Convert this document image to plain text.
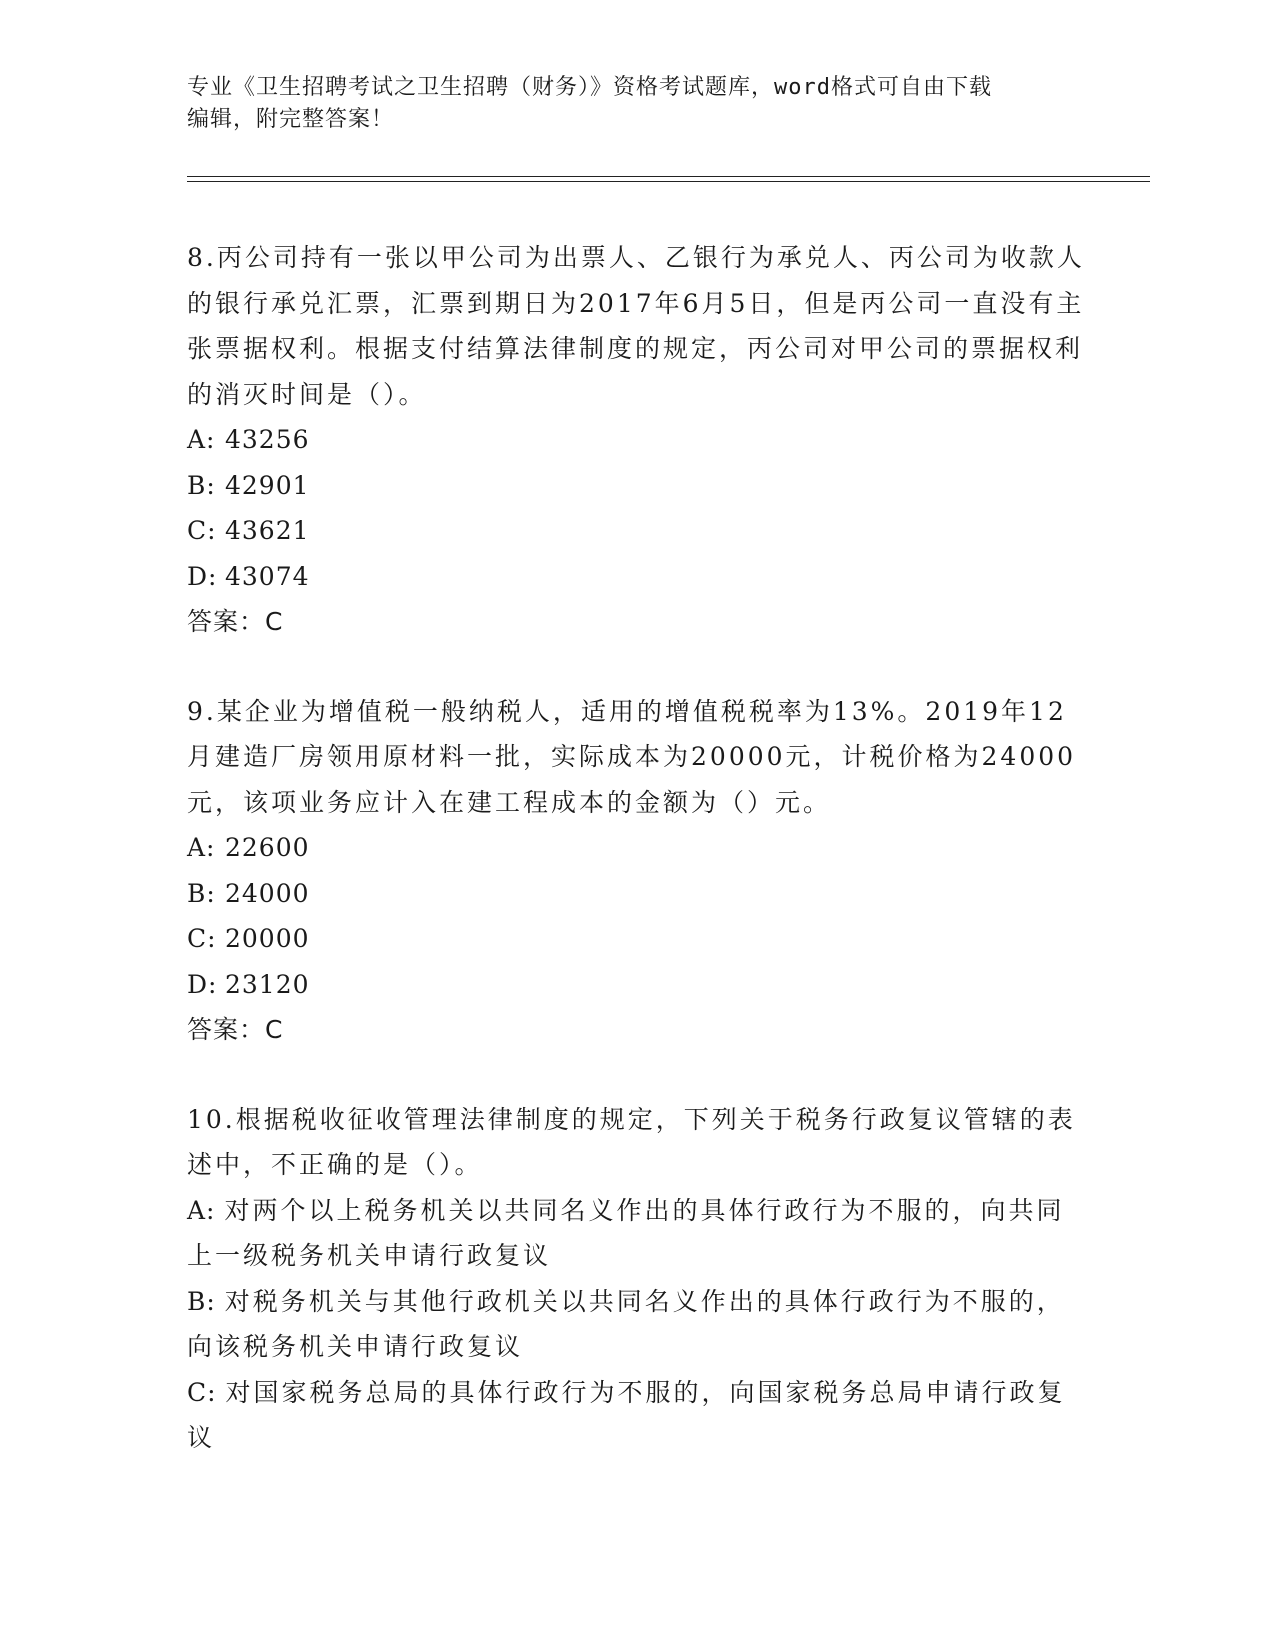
专业《卫生招聘考试之卫生招聘（财务）》资格考试题库，word格式可自由下载
编辑，附完整答案！

8.丙公司持有一张以甲公司为出票人、乙银行为承兑人、丙公司为收款人的银行承兑汇票，汇票到期日为2017年6月5日，但是丙公司一直没有主张票据权利。根据支付结算法律制度的规定，丙公司对甲公司的票据权利的消灭时间是（）。

A: 43256

B: 42901

C: 43621

D: 43074

答案：C

9.某企业为增值税一般纳税人，适用的增值税税率为13%。2019年12月建造厂房领用原材料一批，实际成本为20000元，计税价格为24000元，该项业务应计入在建工程成本的金额为（）元。

A: 22600

B: 24000

C: 20000

D: 23120

答案：C

10.根据税收征收管理法律制度的规定，下列关于税务行政复议管辖的表述中，不正确的是（）。

A: 对两个以上税务机关以共同名义作出的具体行政行为不服的，向共同上一级税务机关申请行政复议

B: 对税务机关与其他行政机关以共同名义作出的具体行政行为不服的，向该税务机关申请行政复议

C: 对国家税务总局的具体行政行为不服的，向国家税务总局申请行政复议
